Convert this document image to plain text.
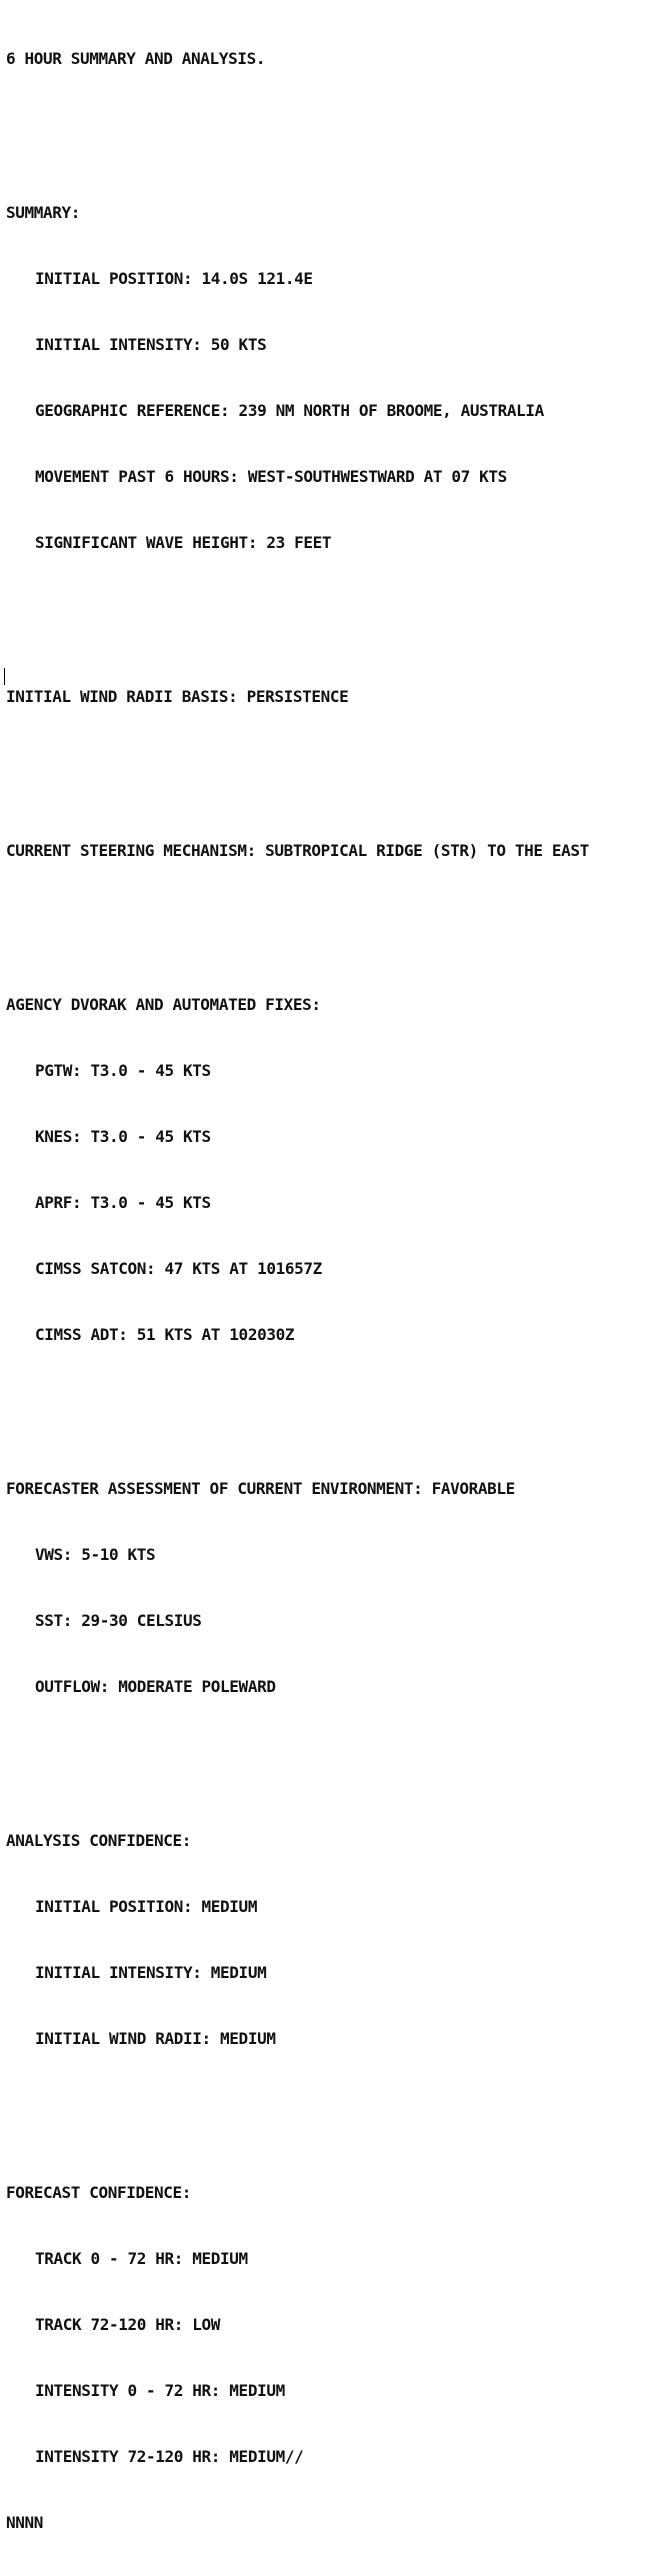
6 HOUR SUMMARY AND ANALYSIS.

SUMMARY:

INITIAL POSITION: 14.0S 121.4E

INITIAL INTENSITY: 50 KTS

GEOGRAPHIC REFERENCE: 239 NM NORTH OF BROOME, AUSTRALIA

MOVEMENT PAST 6 HOURS: WEST-SOUTHWESTWARD AT 07 KTS

SIGNIFICANT WAVE HEIGHT: 23 FEET

INITIAL WIND RADII BASIS: PERSISTENCE

CURRENT STEERING MECHANISM: SUBTROPICAL RIDGE (STR) TO THE EAST

AGENCY DVORAK AND AUTOMATED FIXES:

PGTW: T3.0 - 45 KTS

KNES: T3.0 - 45 KTS

APRF: T3.0 - 45 KTS

CIMSS SATCON: 47 KTS AT 101657Z

CIMSS ADT: 51 KTS AT 102030Z

FORECASTER ASSESSMENT OF CURRENT ENVIRONMENT: FAVORABLE

VWS: 5-10 KTS

SST: 29-30 CELSIUS

OUTFLOW: MODERATE POLEWARD

ANALYSIS CONFIDENCE:

INITIAL POSITION: MEDIUM

INITIAL INTENSITY: MEDIUM

INITIAL WIND RADII: MEDIUM

FORECAST CONFIDENCE:

TRACK 0 - 72 HR: MEDIUM

TRACK 72-120 HR: LOW

INTENSITY 0 - 72 HR: MEDIUM

INTENSITY 72-120 HR: MEDIUM//

NNNN
